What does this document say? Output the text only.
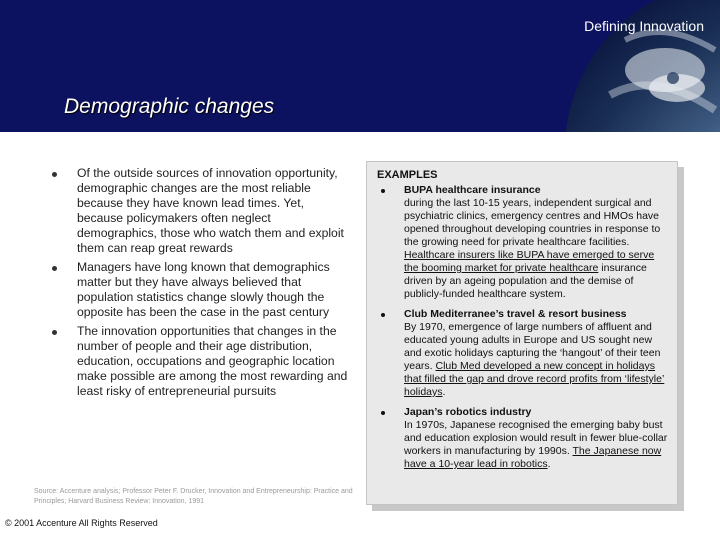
Defining Innovation
Demographic changes
Of the outside sources of innovation opportunity, demographic changes are the most reliable because they have known lead times. Yet, because policymakers often neglect demographics, those who watch them and exploit them can reap great rewards
Managers have long known that demographics matter but they have always believed that population statistics change slowly though the opposite has been the case in the past century
The innovation opportunities that changes in the number of people and their age distribution, education, occupations and geographic location make possible are among the most rewarding and least risky of entrepreneurial pursuits
Source: Accenture analysis; Professor Peter F. Drucker, Innovation and Entrepreneurship: Practice and Principles; Harvard Business Review: Innovation, 1991
© 2001 Accenture All Rights Reserved
EXAMPLES
BUPA healthcare insurance
during the last 10-15 years, independent surgical and psychiatric clinics, emergency centres and HMOs have opened throughout developing countries in response to the growing need for private healthcare facilities. Healthcare insurers like BUPA have emerged to serve the booming market for private healthcare insurance driven by an ageing population and the demise of publicly-funded healthcare system.
Club Mediterranee’s travel & resort business
By 1970, emergence of large numbers of affluent and educated young adults in Europe and US sought new and exotic holidays capturing the ‘hangout’ of their teen years. Club Med developed a new concept in holidays that filled the gap and drove record profits from ‘lifestyle’ holidays.
Japan’s robotics industry
In 1970s, Japanese recognised the emerging baby bust and education explosion would result in fewer blue-collar workers in manufacturing by 1990s. The Japanese now have a 10-year lead in robotics.
